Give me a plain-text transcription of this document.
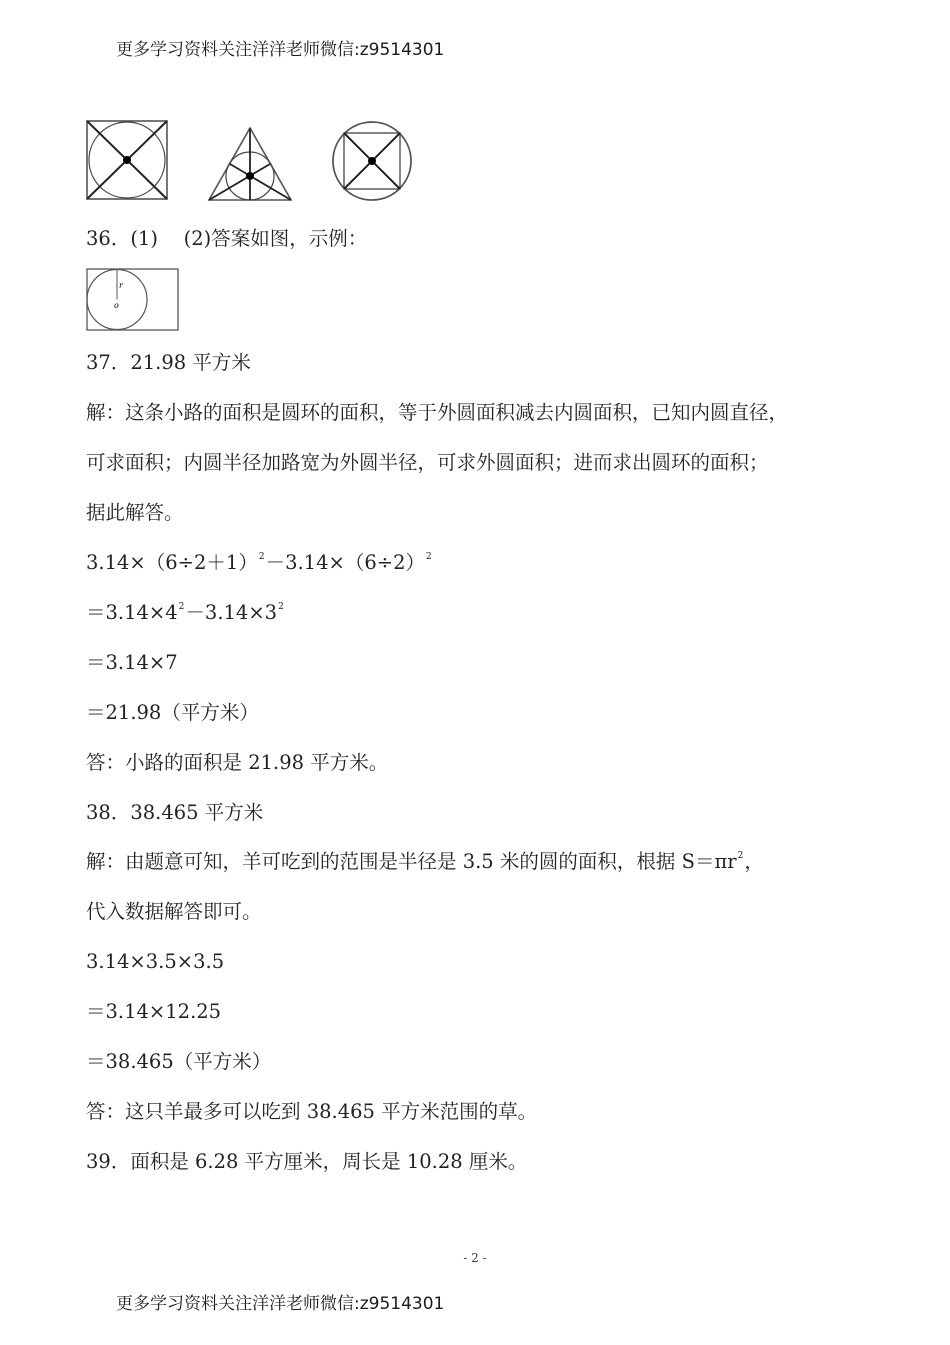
更多学习资料关注洋洋老师微信:z9514301
36．(1)　 (2)答案如图，示例：
r
o
37．21.98 平方米
解：这条小路的面积是圆环的面积，等于外圆面积减去内圆面积，已知内圆直径，
可求面积；内圆半径加路宽为外圆半径，可求外圆面积；进而求出圆环的面积；
据此解答。
$3.14\times(6\div 2+1)^2-3.14\times(6\div 2)^2$
$=3.14\times 4^2-3.14\times 3^2$
＝3.14×7
＝21.98（平方米）
答：小路的面积是 21.98 平方米。
38．38.465 平方米
解：由题意可知，羊可吃到的范围是半径是 3.5 米的圆的面积，根据 $S=\pi r^2$，
代入数据解答即可。
3.14×3.5×3.5
＝3.14×12.25
＝38.465（平方米）
答：这只羊最多可以吃到 38.465 平方米范围的草。
39．面积是 6.28 平方厘米，周长是 10.28 厘米。
- 2 -
更多学习资料关注洋洋老师微信:z9514301
